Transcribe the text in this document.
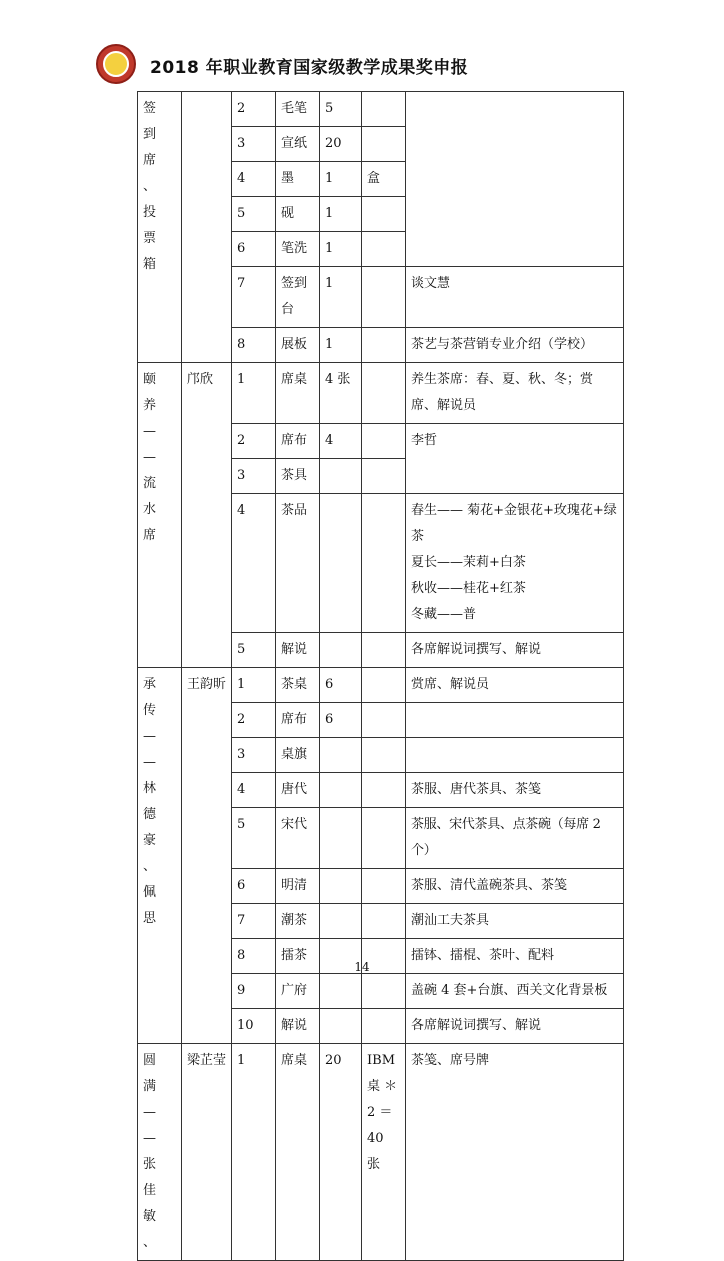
2018 年职业教育国家级教学成果奖申报
签到席、投票箱		2	毛笔	5		
		3	宣纸	20		
		4	墨	1	盒	
		5	砚	1		
		6	笔洗	1		
		7	签到台	1		谈文慧
		8	展板	1		茶艺与茶营销专业介绍（学校）
颐养——流水席	邝欣	1	席桌	4 张		养生茶席：春、夏、秋、冬；赏席、解说员
		2	席布	4		李哲
		3	茶具			
		4	茶品			春生—— 菊花+金银花+玫瑰花+绿茶
夏长——茉莉+白茶
秋收——桂花+红茶
冬藏——普
		5	解说			各席解说词撰写、解说
承传——林德豪、佩思	王韵昕	1	茶桌	6		赏席、解说员
		2	席布	6		
		3	桌旗			
		4	唐代			茶服、唐代茶具、茶笺
		5	宋代			茶服、宋代茶具、点茶碗（每席 2 个）
		6	明清			茶服、清代盖碗茶具、茶笺
		7	潮茶			潮汕工夫茶具
		8	擂茶			擂钵、擂棍、茶叶、配料
		9	广府			盖碗 4 套+台旗、西关文化背景板
		10	解说			各席解说词撰写、解说
圆满——张佳敏、	梁芷莹	1	席桌	20	IBM 桌 ＊ 2 ＝ 40 张	茶笺、席号牌
14
